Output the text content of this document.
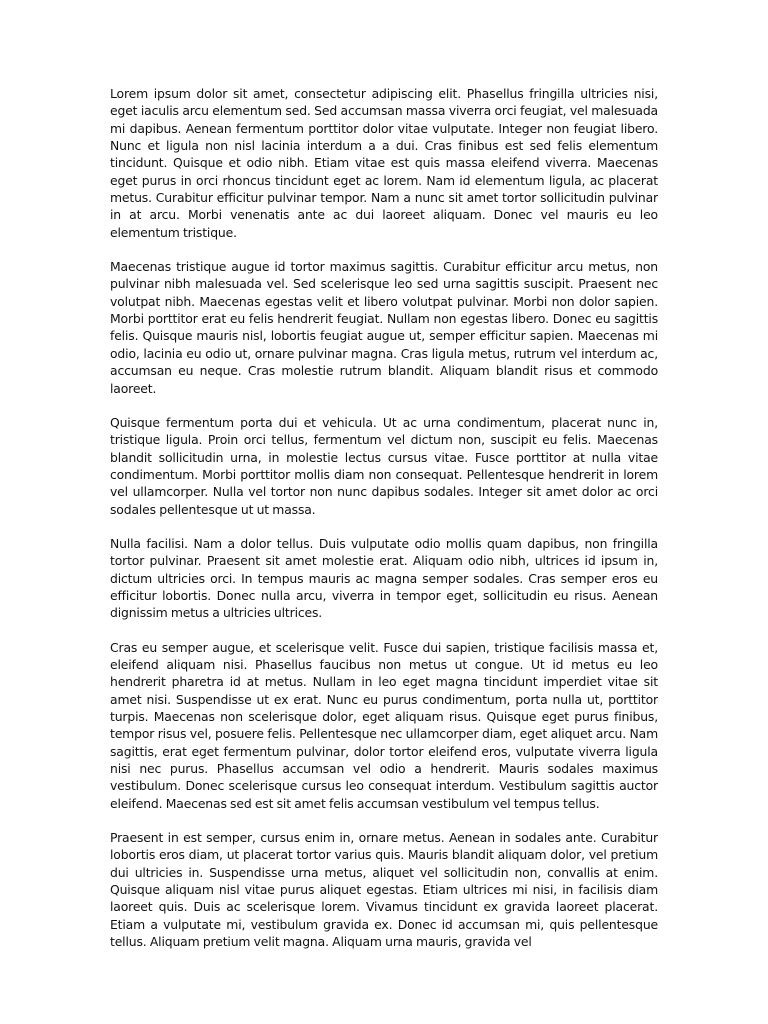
Lorem ipsum dolor sit amet, consectetur adipiscing elit. Phasellus fringilla ultricies nisi, eget iaculis arcu elementum sed. Sed accumsan massa viverra orci feugiat, vel malesuada mi dapibus. Aenean fermentum porttitor dolor vitae vulputate. Integer non feugiat libero. Nunc et ligula non nisl lacinia interdum a a dui. Cras finibus est sed felis elementum tincidunt. Quisque et odio nibh. Etiam vitae est quis massa eleifend viverra. Maecenas eget purus in orci rhoncus tincidunt eget ac lorem. Nam id elementum ligula, ac placerat metus. Curabitur efficitur pulvinar tempor. Nam a nunc sit amet tortor sollicitudin pulvinar in at arcu. Morbi venenatis ante ac dui laoreet aliquam. Donec vel mauris eu leo elementum tristique.

Maecenas tristique augue id tortor maximus sagittis. Curabitur efficitur arcu metus, non pulvinar nibh malesuada vel. Sed scelerisque leo sed urna sagittis suscipit. Praesent nec volutpat nibh. Maecenas egestas velit et libero volutpat pulvinar. Morbi non dolor sapien. Morbi porttitor erat eu felis hendrerit feugiat. Nullam non egestas libero. Donec eu sagittis felis. Quisque mauris nisl, lobortis feugiat augue ut, semper efficitur sapien. Maecenas mi odio, lacinia eu odio ut, ornare pulvinar magna. Cras ligula metus, rutrum vel interdum ac, accumsan eu neque. Cras molestie rutrum blandit. Aliquam blandit risus et commodo laoreet.

Quisque fermentum porta dui et vehicula. Ut ac urna condimentum, placerat nunc in, tristique ligula. Proin orci tellus, fermentum vel dictum non, suscipit eu felis. Maecenas blandit sollicitudin urna, in molestie lectus cursus vitae. Fusce porttitor at nulla vitae condimentum. Morbi porttitor mollis diam non consequat. Pellentesque hendrerit in lorem vel ullamcorper. Nulla vel tortor non nunc dapibus sodales. Integer sit amet dolor ac orci sodales pellentesque ut ut massa.

Nulla facilisi. Nam a dolor tellus. Duis vulputate odio mollis quam dapibus, non fringilla tortor pulvinar. Praesent sit amet molestie erat. Aliquam odio nibh, ultrices id ipsum in, dictum ultricies orci. In tempus mauris ac magna semper sodales. Cras semper eros eu efficitur lobortis. Donec nulla arcu, viverra in tempor eget, sollicitudin eu risus. Aenean dignissim metus a ultricies ultrices.

Cras eu semper augue, et scelerisque velit. Fusce dui sapien, tristique facilisis massa et, eleifend aliquam nisi. Phasellus faucibus non metus ut congue. Ut id metus eu leo hendrerit pharetra id at metus. Nullam in leo eget magna tincidunt imperdiet vitae sit amet nisi. Suspendisse ut ex erat. Nunc eu purus condimentum, porta nulla ut, porttitor turpis. Maecenas non scelerisque dolor, eget aliquam risus. Quisque eget purus finibus, tempor risus vel, posuere felis. Pellentesque nec ullamcorper diam, eget aliquet arcu. Nam sagittis, erat eget fermentum pulvinar, dolor tortor eleifend eros, vulputate viverra ligula nisi nec purus. Phasellus accumsan vel odio a hendrerit. Mauris sodales maximus vestibulum. Donec scelerisque cursus leo consequat interdum. Vestibulum sagittis auctor eleifend. Maecenas sed est sit amet felis accumsan vestibulum vel tempus tellus.

Praesent in est semper, cursus enim in, ornare metus. Aenean in sodales ante. Curabitur lobortis eros diam, ut placerat tortor varius quis. Mauris blandit aliquam dolor, vel pretium dui ultricies in. Suspendisse urna metus, aliquet vel sollicitudin non, convallis at enim. Quisque aliquam nisl vitae purus aliquet egestas. Etiam ultrices mi nisi, in facilisis diam laoreet quis. Duis ac scelerisque lorem. Vivamus tincidunt ex gravida laoreet placerat. Etiam a vulputate mi, vestibulum gravida ex. Donec id accumsan mi, quis pellentesque tellus. Aliquam pretium velit magna. Aliquam urna mauris, gravida vel
